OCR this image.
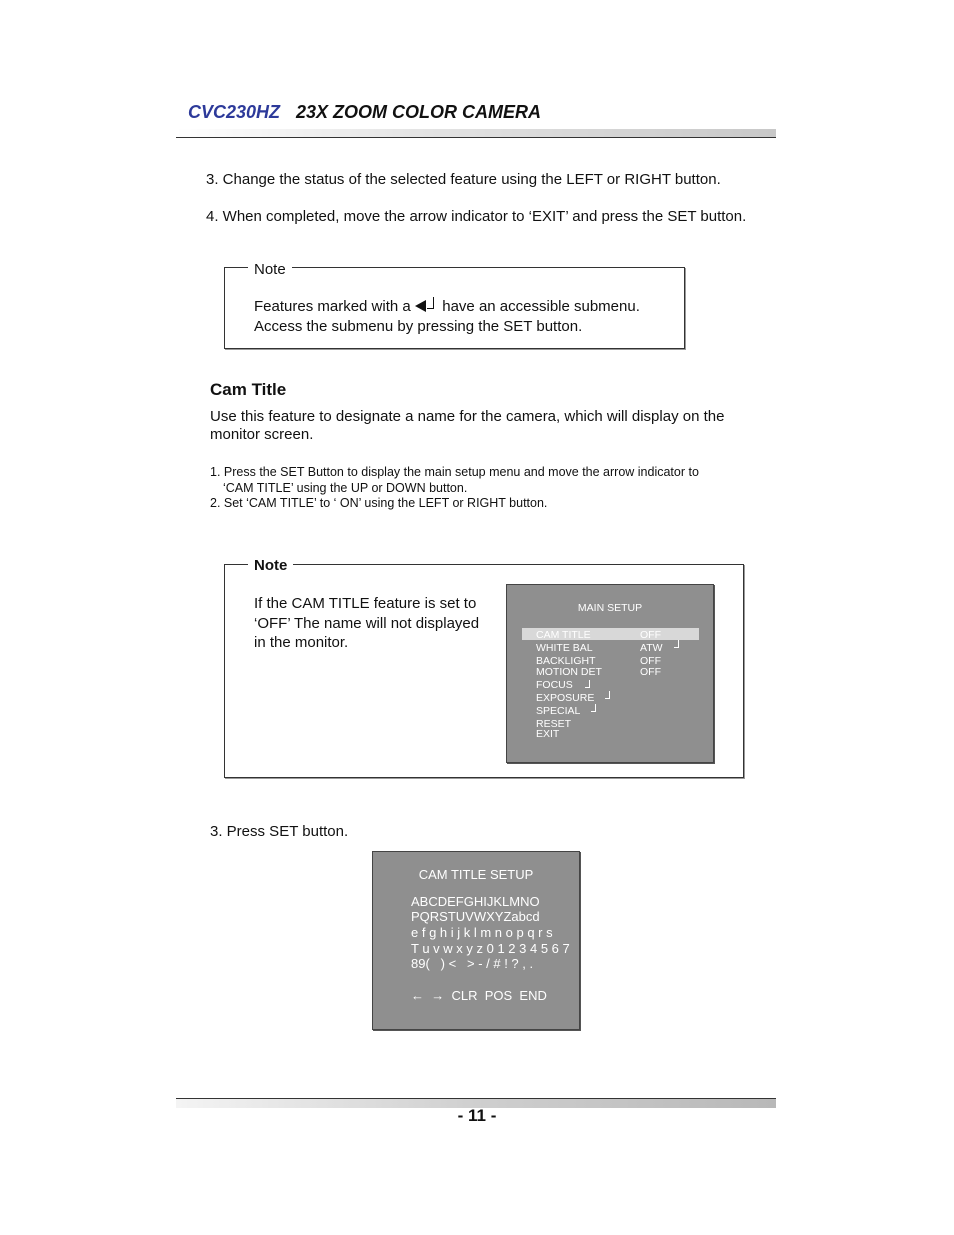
CVC230HZ 23X ZOOM COLOR CAMERA
3. Change the status of the selected feature using the LEFT or RIGHT button.
4. When completed, move the arrow indicator to ‘EXIT’ and press the SET button.
Note
Features marked with a have an accessible submenu.
Access the submenu by pressing the SET button.
Cam Title
Use this feature to designate a name for the camera, which will display on the
monitor screen.
1. Press the SET Button to display the main setup menu and move the arrow indicator to
‘CAM TITLE’ using the UP or DOWN button.
2. Set ‘CAM TITLE’ to ‘ ON’ using the LEFT or RIGHT button.
Note
If the CAM TITLE feature is set to
‘OFF’ The name will not displayed
in the monitor.
MAIN SETUP
CAM TITLE	OFF
WHITE BAL	ATW
BACKLIGHT	OFF
MOTION DET	OFF
FOCUS
EXPOSURE
SPECIAL
RESET
EXIT
3. Press SET button.
CAM TITLE SETUP
ABCDEFGHIJKLMNO
PQRSTUVWXYZabcd
e f g h i j k l m n o p q r s
T u v w x y z 0 1 2 3 4 5 6 7
89(   ) <   > - / # ! ? , .
← → CLR POS END
- 11 -
